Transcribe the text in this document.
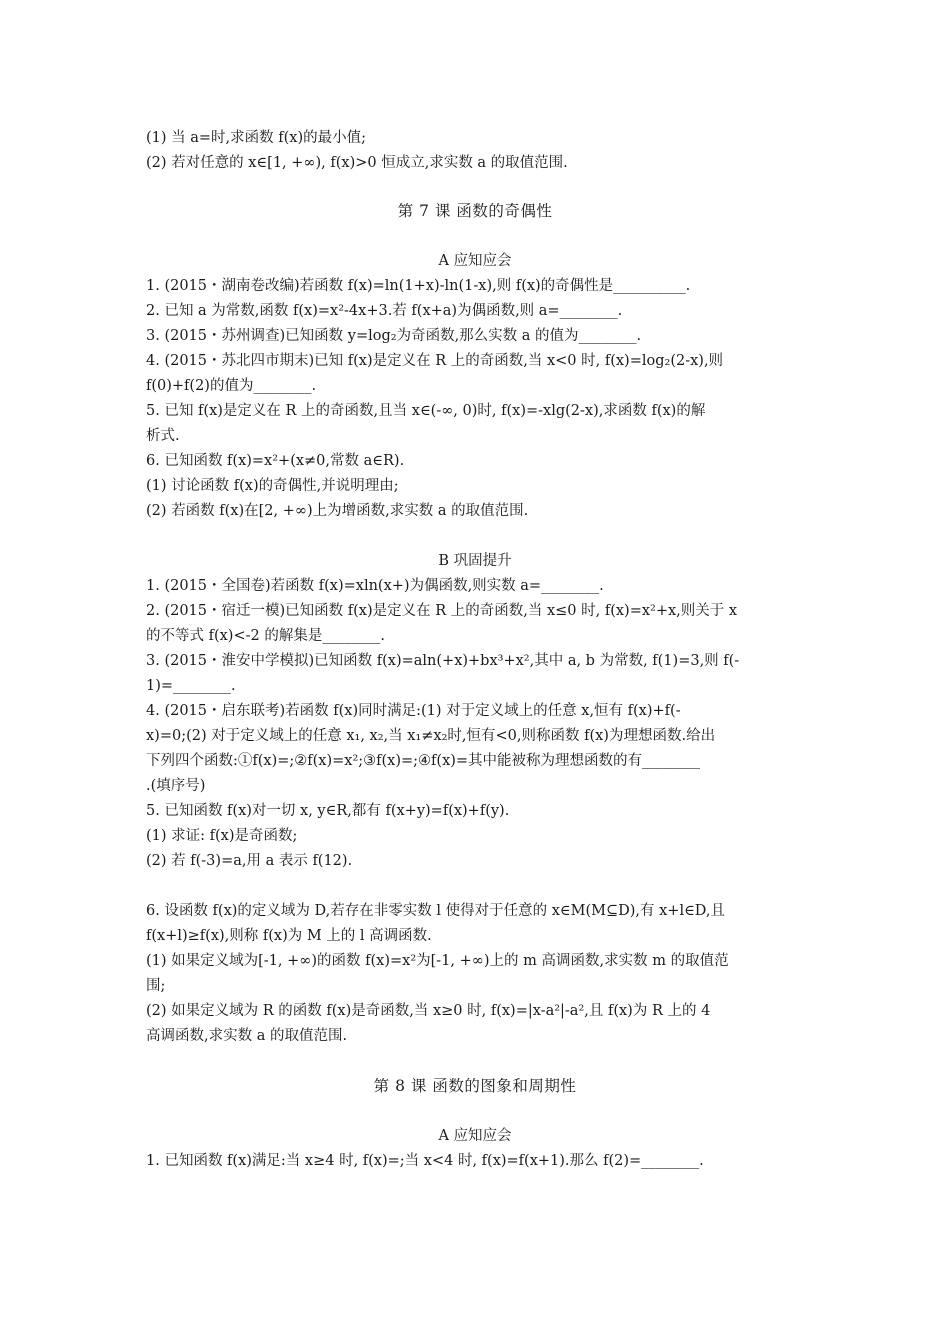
(1) 当 a=时,求函数 f(x)的最小值;
(2) 若对任意的 x∈[1, +∞), f(x)>0 恒成立,求实数 a 的取值范围.
第 7 课 函数的奇偶性
A 应知应会
1. (2015・湖南卷改编)若函数 f(x)=ln(1+x)-ln(1-x),则 f(x)的奇偶性是__________.
2. 已知 a 为常数,函数 f(x)=x²-4x+3.若 f(x+a)为偶函数,则 a=________.
3. (2015・苏州调查)已知函数 y=log₂为奇函数,那么实数 a 的值为________.
4. (2015・苏北四市期末)已知 f(x)是定义在 R 上的奇函数,当 x<0 时, f(x)=log₂(2-x),则
f(0)+f(2)的值为________.
5. 已知 f(x)是定义在 R 上的奇函数,且当 x∈(-∞, 0)时, f(x)=-xlg(2-x),求函数 f(x)的解
析式.
6. 已知函数 f(x)=x²+(x≠0,常数 a∈R).
(1) 讨论函数 f(x)的奇偶性,并说明理由;
(2) 若函数 f(x)在[2, +∞)上为增函数,求实数 a 的取值范围.
B 巩固提升
1. (2015・全国卷)若函数 f(x)=xln(x+)为偶函数,则实数 a=________.
2. (2015・宿迁一模)已知函数 f(x)是定义在 R 上的奇函数,当 x≤0 时, f(x)=x²+x,则关于 x
的不等式 f(x)<-2 的解集是________.
3. (2015・淮安中学模拟)已知函数 f(x)=aln(+x)+bx³+x²,其中 a, b 为常数, f(1)=3,则 f(-
1)=________.
4. (2015・启东联考)若函数 f(x)同时满足:(1) 对于定义域上的任意 x,恒有 f(x)+f(-
x)=0;(2) 对于定义域上的任意 x₁, x₂,当 x₁≠x₂时,恒有<0,则称函数 f(x)为理想函数.给出
下列四个函数:①f(x)=;②f(x)=x²;③f(x)=;④f(x)=其中能被称为理想函数的有________
.(填序号)
5. 已知函数 f(x)对一切 x, y∈R,都有 f(x+y)=f(x)+f(y).
(1) 求证: f(x)是奇函数;
(2) 若 f(-3)=a,用 a 表示 f(12).
6. 设函数 f(x)的定义域为 D,若存在非零实数 l 使得对于任意的 x∈M(M⊆D),有 x+l∈D,且
f(x+l)≥f(x),则称 f(x)为 M 上的 l 高调函数.
(1) 如果定义域为[-1, +∞)的函数 f(x)=x²为[-1, +∞)上的 m 高调函数,求实数 m 的取值范
围;
(2) 如果定义域为 R 的函数 f(x)是奇函数,当 x≥0 时, f(x)=|x-a²|-a²,且 f(x)为 R 上的 4
高调函数,求实数 a 的取值范围.
第 8 课 函数的图象和周期性
A 应知应会
1. 已知函数 f(x)满足:当 x≥4 时, f(x)=;当 x<4 时, f(x)=f(x+1).那么 f(2)=________.
